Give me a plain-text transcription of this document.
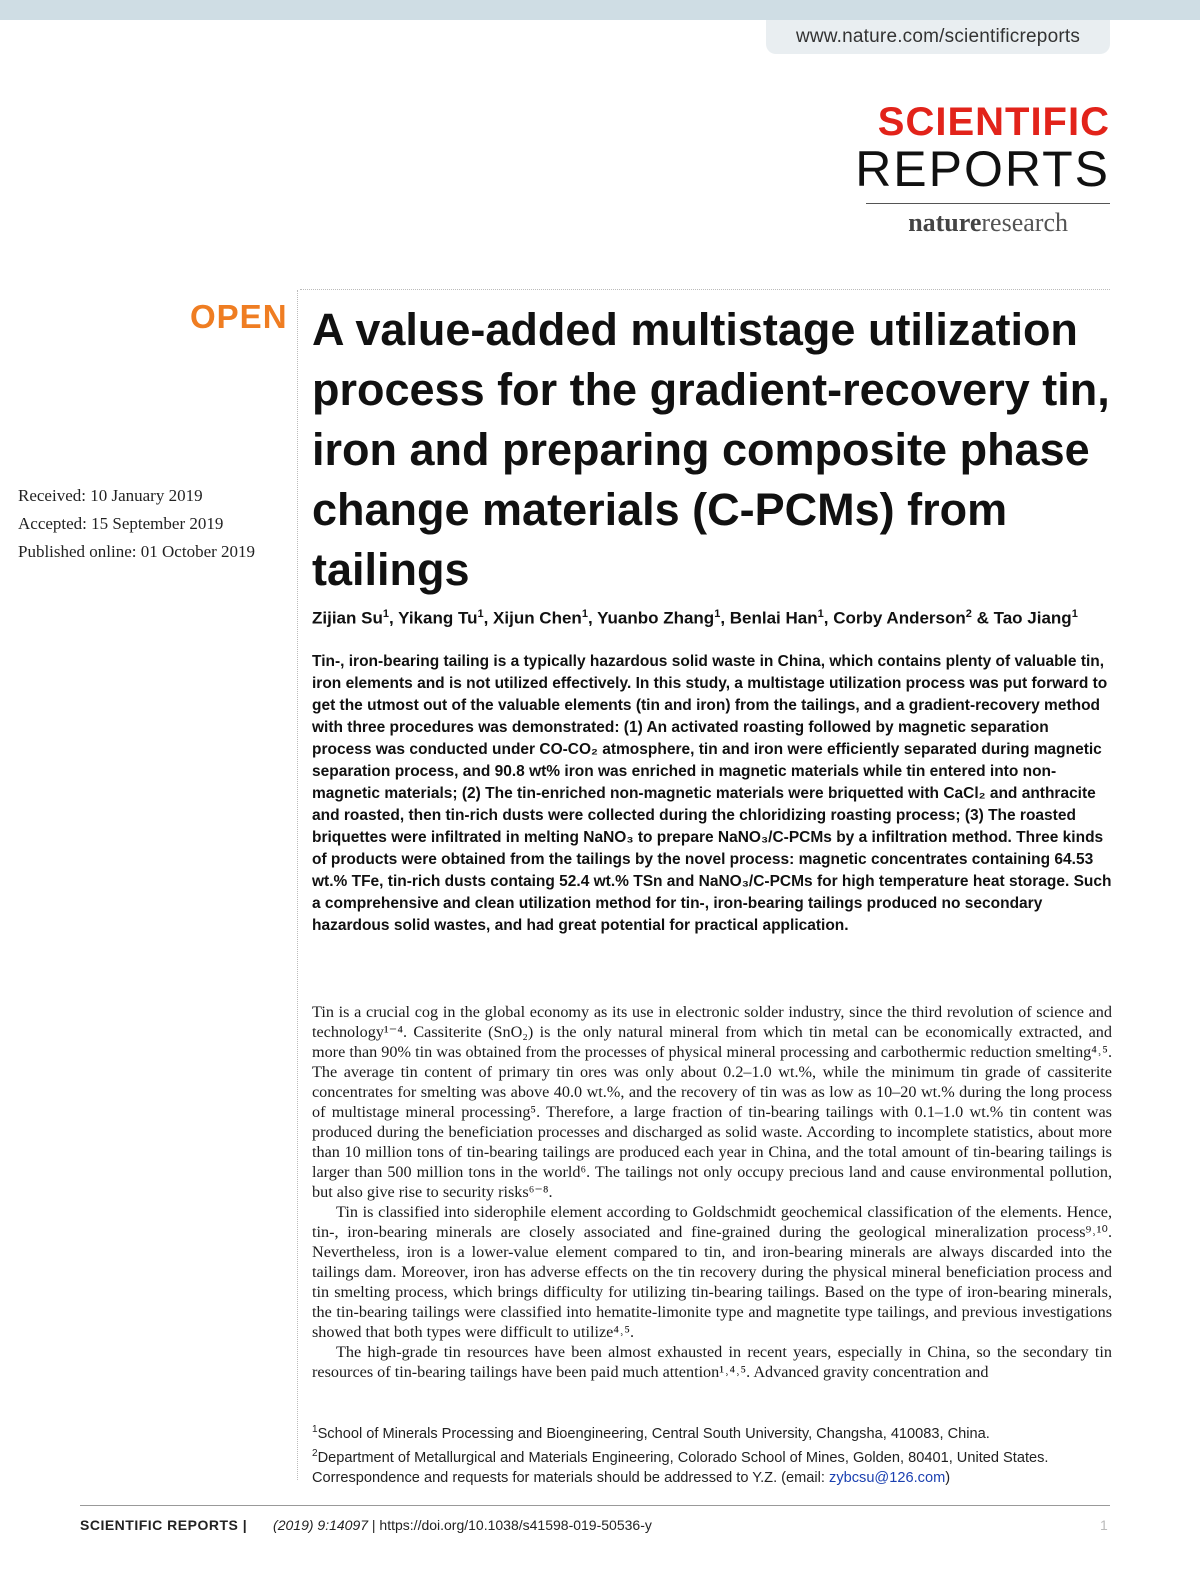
www.nature.com/scientificreports
SCIENTIFIC
REPORTS
natureresearch
OPEN
Received: 10 January 2019
Accepted: 15 September 2019
Published online: 01 October 2019
A value-added multistage utilization process for the gradient-recovery tin, iron and preparing composite phase change materials (C-PCMs) from tailings
Zijian Su$^1$, Yikang Tu$^1$, Xijun Chen$^1$, Yuanbo Zhang$^1$, Benlai Han$^1$, Corby Anderson$^2$ & Tao Jiang$^1$

Tin-, iron-bearing tailing is a typically hazardous solid waste in China, which contains plenty of valuable tin, iron elements and is not utilized effectively. In this study, a multistage utilization process was put forward to get the utmost out of the valuable elements (tin and iron) from the tailings, and a gradient-recovery method with three procedures was demonstrated: (1) An activated roasting followed by magnetic separation process was conducted under CO-CO₂ atmosphere, tin and iron were efficiently separated during magnetic separation process, and 90.8 wt% iron was enriched in magnetic materials while tin entered into non-magnetic materials; (2) The tin-enriched non-magnetic materials were briquetted with CaCl₂ and anthracite and roasted, then tin-rich dusts were collected during the chloridizing roasting process; (3) The roasted briquettes were infiltrated in melting NaNO₃ to prepare NaNO₃/C-PCMs by a infiltration method. Three kinds of products were obtained from the tailings by the novel process: magnetic concentrates containing 64.53 wt.% TFe, tin-rich dusts containg 52.4 wt.% TSn and NaNO₃/C-PCMs for high temperature heat storage. Such a comprehensive and clean utilization method for tin-, iron-bearing tailings produced no secondary hazardous solid wastes, and had great potential for practical application.

Tin is a crucial cog in the global economy as its use in electronic solder industry, since the third revolution of science and technology¹⁻⁴. Cassiterite (SnO₂) is the only natural mineral from which tin metal can be economically extracted, and more than 90% tin was obtained from the processes of physical mineral processing and carbothermic reduction smelting⁴˒⁵. The average tin content of primary tin ores was only about 0.2–1.0 wt.%, while the minimum tin grade of cassiterite concentrates for smelting was above 40.0 wt.%, and the recovery of tin was as low as 10–20 wt.% during the long process of multistage mineral processing⁵. Therefore, a large fraction of tin-bearing tailings with 0.1–1.0 wt.% tin content was produced during the beneficiation processes and discharged as solid waste. According to incomplete statistics, about more than 10 million tons of tin-bearing tailings are produced each year in China, and the total amount of tin-bearing tailings is larger than 500 million tons in the world⁶. The tailings not only occupy precious land and cause environmental pollution, but also give rise to security risks⁶⁻⁸.

Tin is classified into siderophile element according to Goldschmidt geochemical classification of the elements. Hence, tin-, iron-bearing minerals are closely associated and fine-grained during the geological mineralization process⁹˒¹⁰. Nevertheless, iron is a lower-value element compared to tin, and iron-bearing minerals are always discarded into the tailings dam. Moreover, iron has adverse effects on the tin recovery during the physical mineral beneficiation process and tin smelting process, which brings difficulty for utilizing tin-bearing tailings. Based on the type of iron-bearing minerals, the tin-bearing tailings were classified into hematite-limonite type and magnetite type tailings, and previous investigations showed that both types were difficult to utilize⁴˒⁵.

The high-grade tin resources have been almost exhausted in recent years, especially in China, so the secondary tin resources of tin-bearing tailings have been paid much attention¹˒⁴˒⁵. Advanced gravity concentration and

$^1$School of Minerals Processing and Bioengineering, Central South University, Changsha, 410083, China.
$^2$Department of Metallurgical and Materials Engineering, Colorado School of Mines, Golden, 80401, United States.
Correspondence and requests for materials should be addressed to Y.Z. (email: zybcsu@126.com)
SCIENTIFIC REPORTS | (2019) 9:14097 | https://doi.org/10.1038/s41598-019-50536-y	1
